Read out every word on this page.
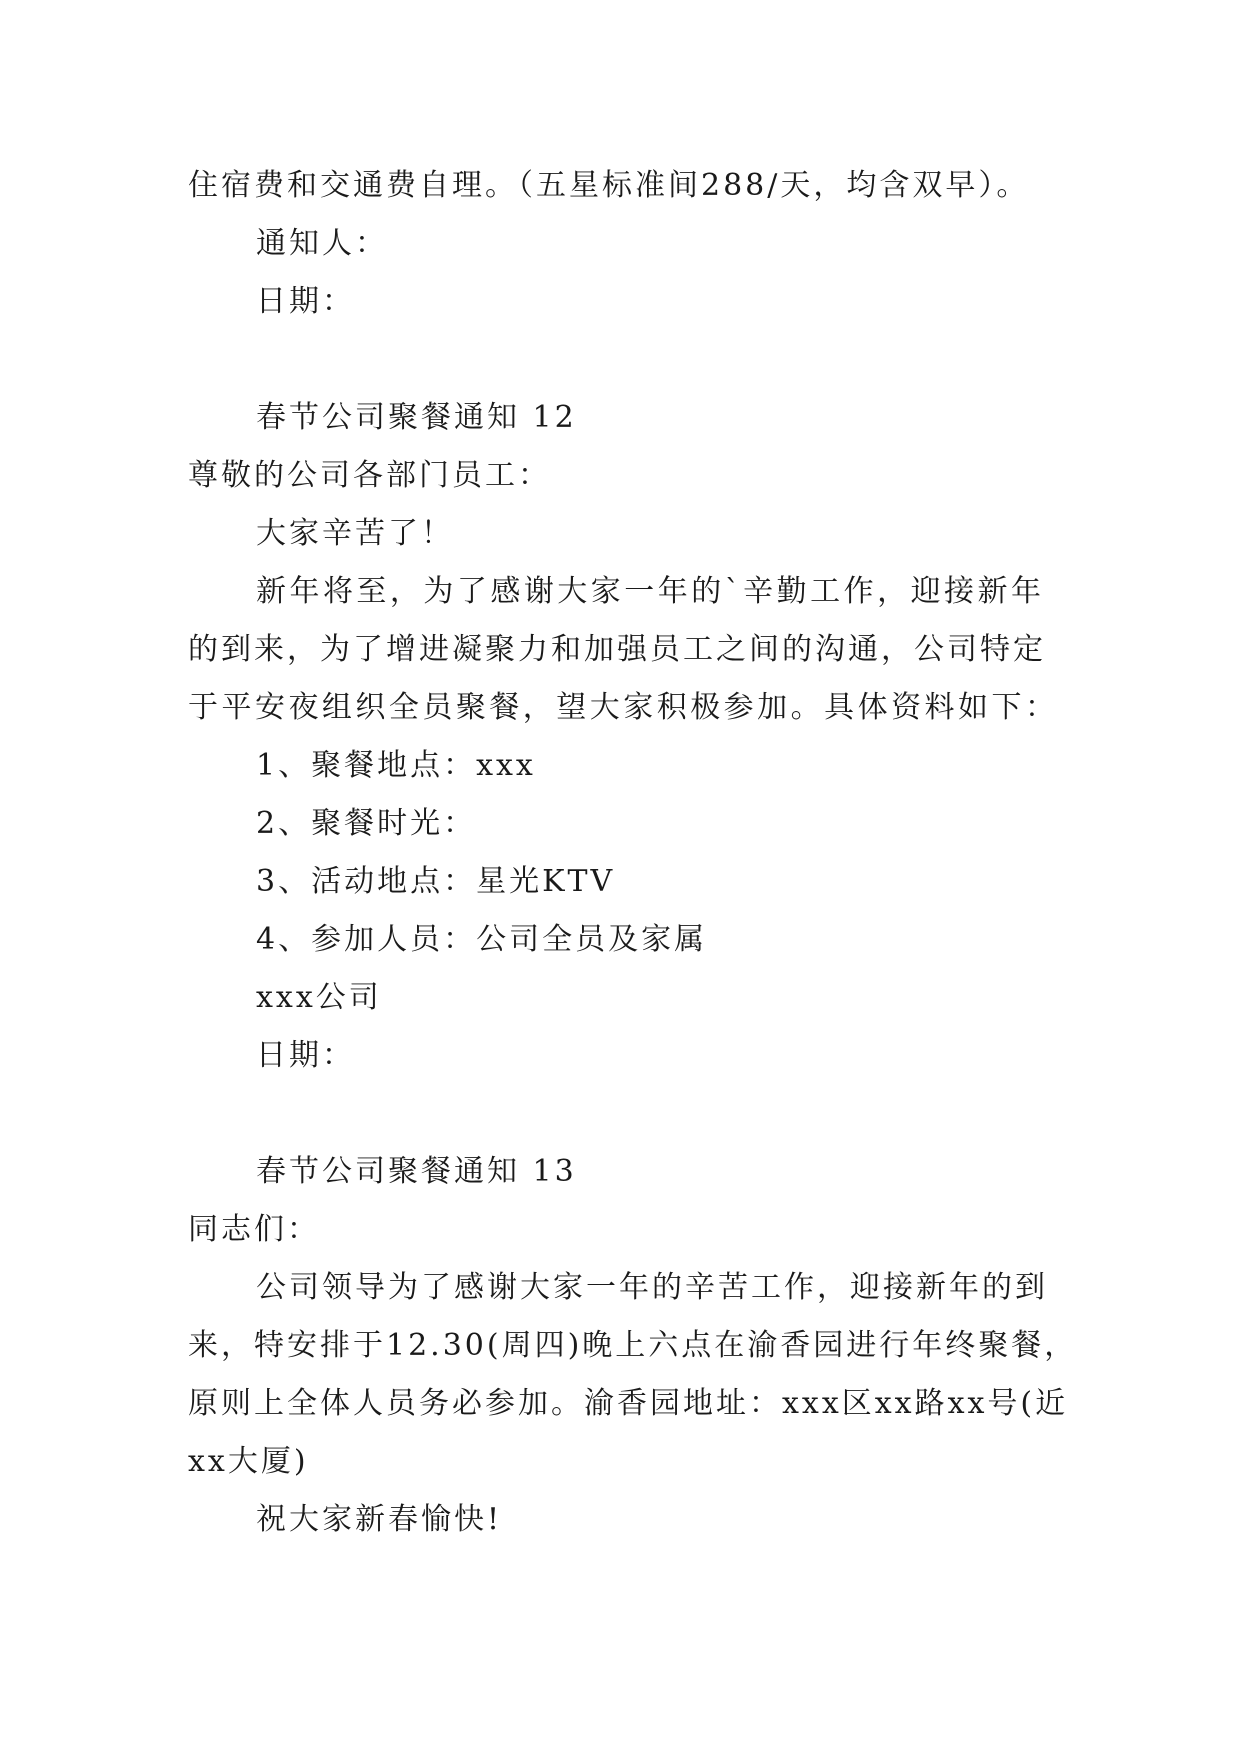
住宿费和交通费自理。（五星标准间288/天，均含双早）。
通知人：
日期：
春节公司聚餐通知 12
尊敬的公司各部门员工：
大家辛苦了！
新年将至，为了感谢大家一年的`辛勤工作，迎接新年
的到来，为了增进凝聚力和加强员工之间的沟通，公司特定
于平安夜组织全员聚餐，望大家积极参加。具体资料如下：
1、聚餐地点：xxx
2、聚餐时光：
3、活动地点：星光KTV
4、参加人员：公司全员及家属
xxx公司
日期：
春节公司聚餐通知 13
同志们：
公司领导为了感谢大家一年的辛苦工作，迎接新年的到
来，特安排于12.30(周四)晚上六点在渝香园进行年终聚餐，
原则上全体人员务必参加。渝香园地址：xxx区xx路xx号(近
xx大厦)
祝大家新春愉快!
